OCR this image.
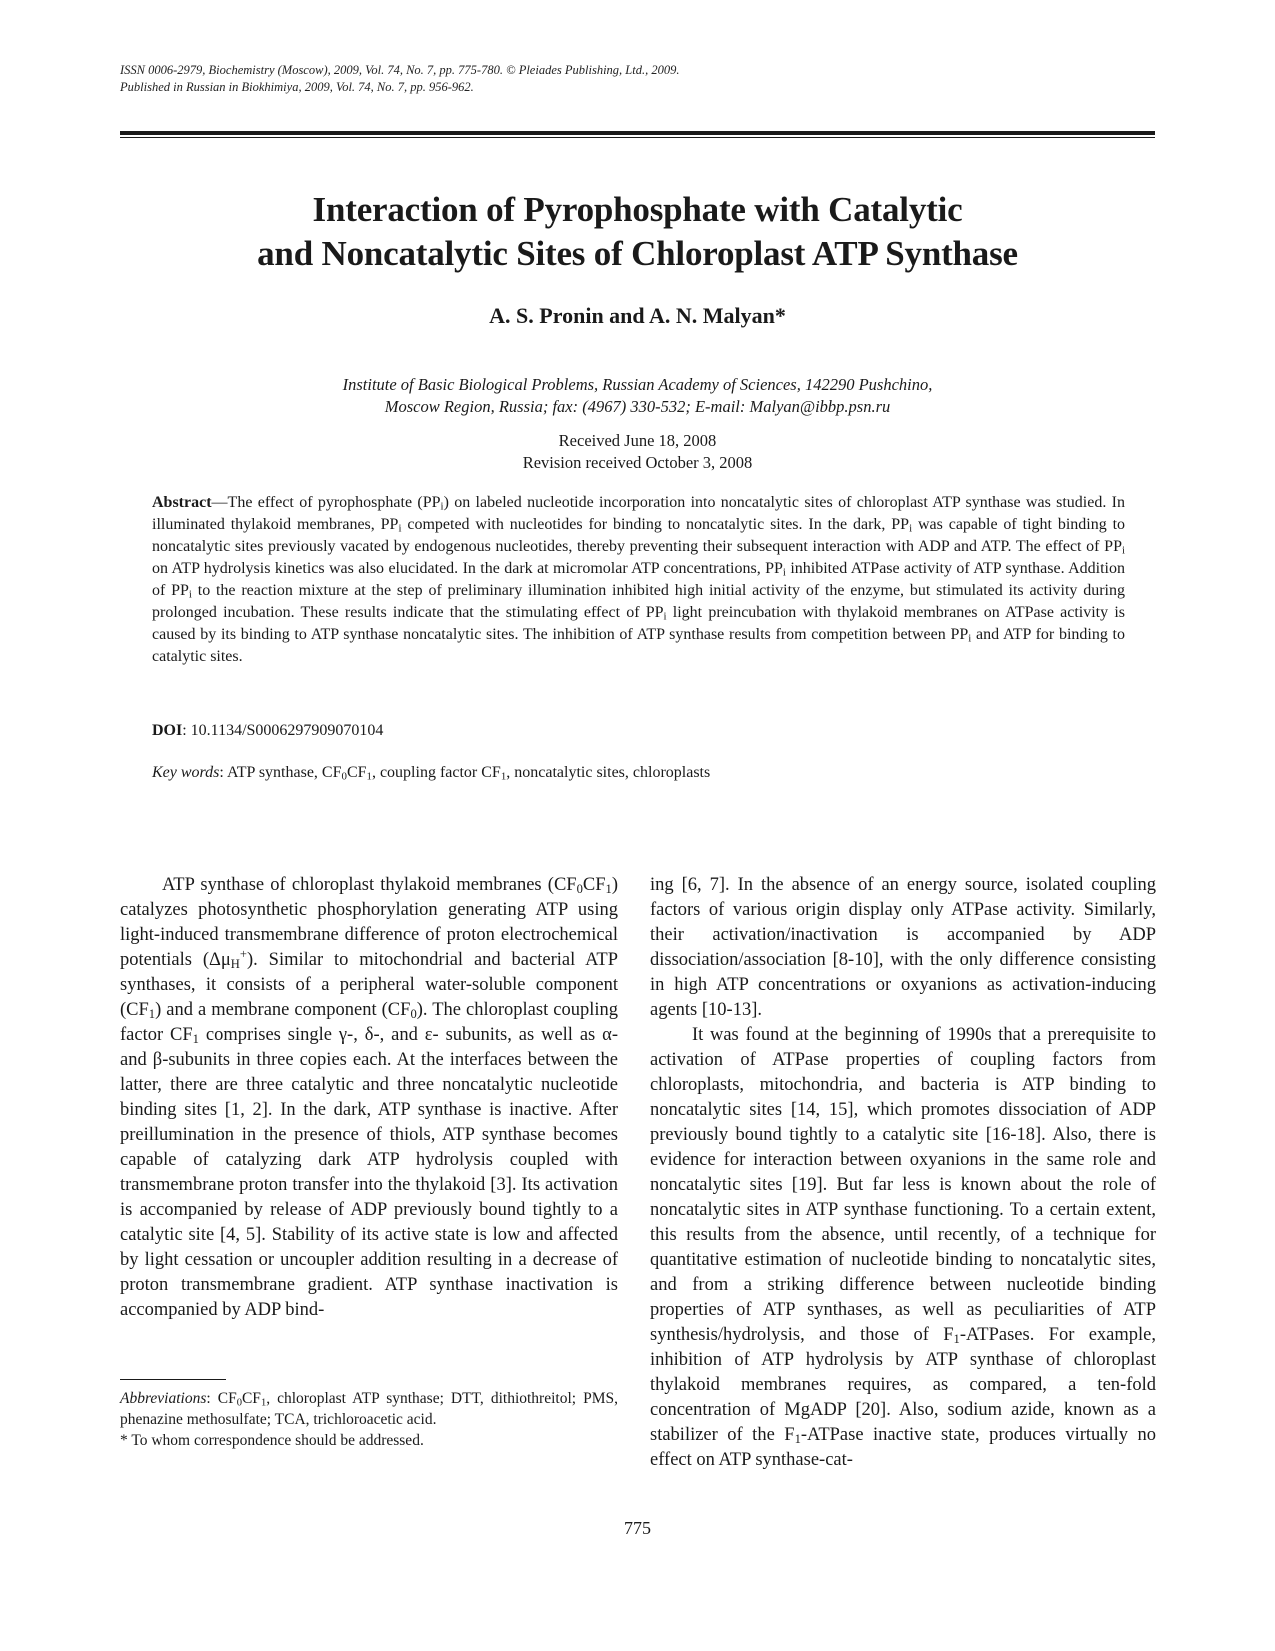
ISSN 0006-2979, Biochemistry (Moscow), 2009, Vol. 74, No. 7, pp. 775-780. © Pleiades Publishing, Ltd., 2009.
Published in Russian in Biokhimiya, 2009, Vol. 74, No. 7, pp. 956-962.
Interaction of Pyrophosphate with Catalytic
and Noncatalytic Sites of Chloroplast ATP Synthase
A. S. Pronin and A. N. Malyan*
Institute of Basic Biological Problems, Russian Academy of Sciences, 142290 Pushchino,
Moscow Region, Russia; fax: (4967) 330-532; E-mail: Malyan@ibbp.psn.ru
Received June 18, 2008
Revision received October 3, 2008
Abstract—The effect of pyrophosphate $(PP_i)$ on labeled nucleotide incorporation into noncatalytic sites of chloroplast ATP synthase was studied. In illuminated thylakoid membranes, $PP_i$ competed with nucleotides for binding to noncatalytic sites. In the dark, $PP_i$ was capable of tight binding to noncatalytic sites previously vacated by endogenous nucleotides, thereby preventing their subsequent interaction with ADP and ATP. The effect of $PP_i$ on ATP hydrolysis kinetics was also elucidated. In the dark at micromolar ATP concentrations, $PP_i$ inhibited ATPase activity of ATP synthase. Addition of $PP_i$ to the reaction mixture at the step of preliminary illumination inhibited high initial activity of the enzyme, but stimulated its activity during prolonged incubation. These results indicate that the stimulating effect of $PP_i$ light preincubation with thylakoid membranes on ATPase activity is caused by its binding to ATP synthase noncatalytic sites. The inhibition of ATP synthase results from competition between $PP_i$ and ATP for binding to catalytic sites.
DOI: 10.1134/S0006297909070104
Key words: ATP synthase, $CF_0CF_1$, coupling factor $CF_1$, noncatalytic sites, chloroplasts

ATP synthase of chloroplast thylakoid membranes $(CF_0CF_1)$ catalyzes photosynthetic phosphorylation generating ATP using light-induced transmembrane difference of proton electrochemical potentials $(\Delta\mu_H^+)$. Similar to mitochondrial and bacterial ATP synthases, it consists of a peripheral water-soluble component $(CF_1)$ and a membrane component $(CF_0)$. The chloroplast coupling factor $CF_1$ comprises single γ-, δ-, and ε- subunits, as well as α- and β-subunits in three copies each. At the interfaces between the latter, there are three catalytic and three noncatalytic nucleotide binding sites [1, 2]. In the dark, ATP synthase is inactive. After preillumination in the presence of thiols, ATP synthase becomes capable of catalyzing dark ATP hydrolysis coupled with transmembrane proton transfer into the thylakoid [3]. Its activation is accompanied by release of ADP previously bound tightly to a catalytic site [4, 5]. Stability of its active state is low and affected by light cessation or uncoupler addition resulting in a decrease of proton transmembrane gradient. ATP synthase inactivation is accompanied by ADP bind-

Abbreviations: $CF_0CF_1$, chloroplast ATP synthase; DTT, dithiothreitol; PMS, phenazine methosulfate; TCA, trichloroacetic acid.

* To whom correspondence should be addressed.

ing [6, 7]. In the absence of an energy source, isolated coupling factors of various origin display only ATPase activity. Similarly, their activation/inactivation is accompanied by ADP dissociation/association [8-10], with the only difference consisting in high ATP concentrations or oxyanions as activation-inducing agents [10-13].

It was found at the beginning of 1990s that a prerequisite to activation of ATPase properties of coupling factors from chloroplasts, mitochondria, and bacteria is ATP binding to noncatalytic sites [14, 15], which promotes dissociation of ADP previously bound tightly to a catalytic site [16-18]. Also, there is evidence for interaction between oxyanions in the same role and noncatalytic sites [19]. But far less is known about the role of noncatalytic sites in ATP synthase functioning. To a certain extent, this results from the absence, until recently, of a technique for quantitative estimation of nucleotide binding to noncatalytic sites, and from a striking difference between nucleotide binding properties of ATP synthases, as well as peculiarities of ATP synthesis/hydrolysis, and those of $F_1$-ATPases. For example, inhibition of ATP hydrolysis by ATP synthase of chloroplast thylakoid membranes requires, as compared, a ten-fold concentration of MgADP [20]. Also, sodium azide, known as a stabilizer of the $F_1$-ATPase inactive state, produces virtually no effect on ATP synthase-cat-

775
